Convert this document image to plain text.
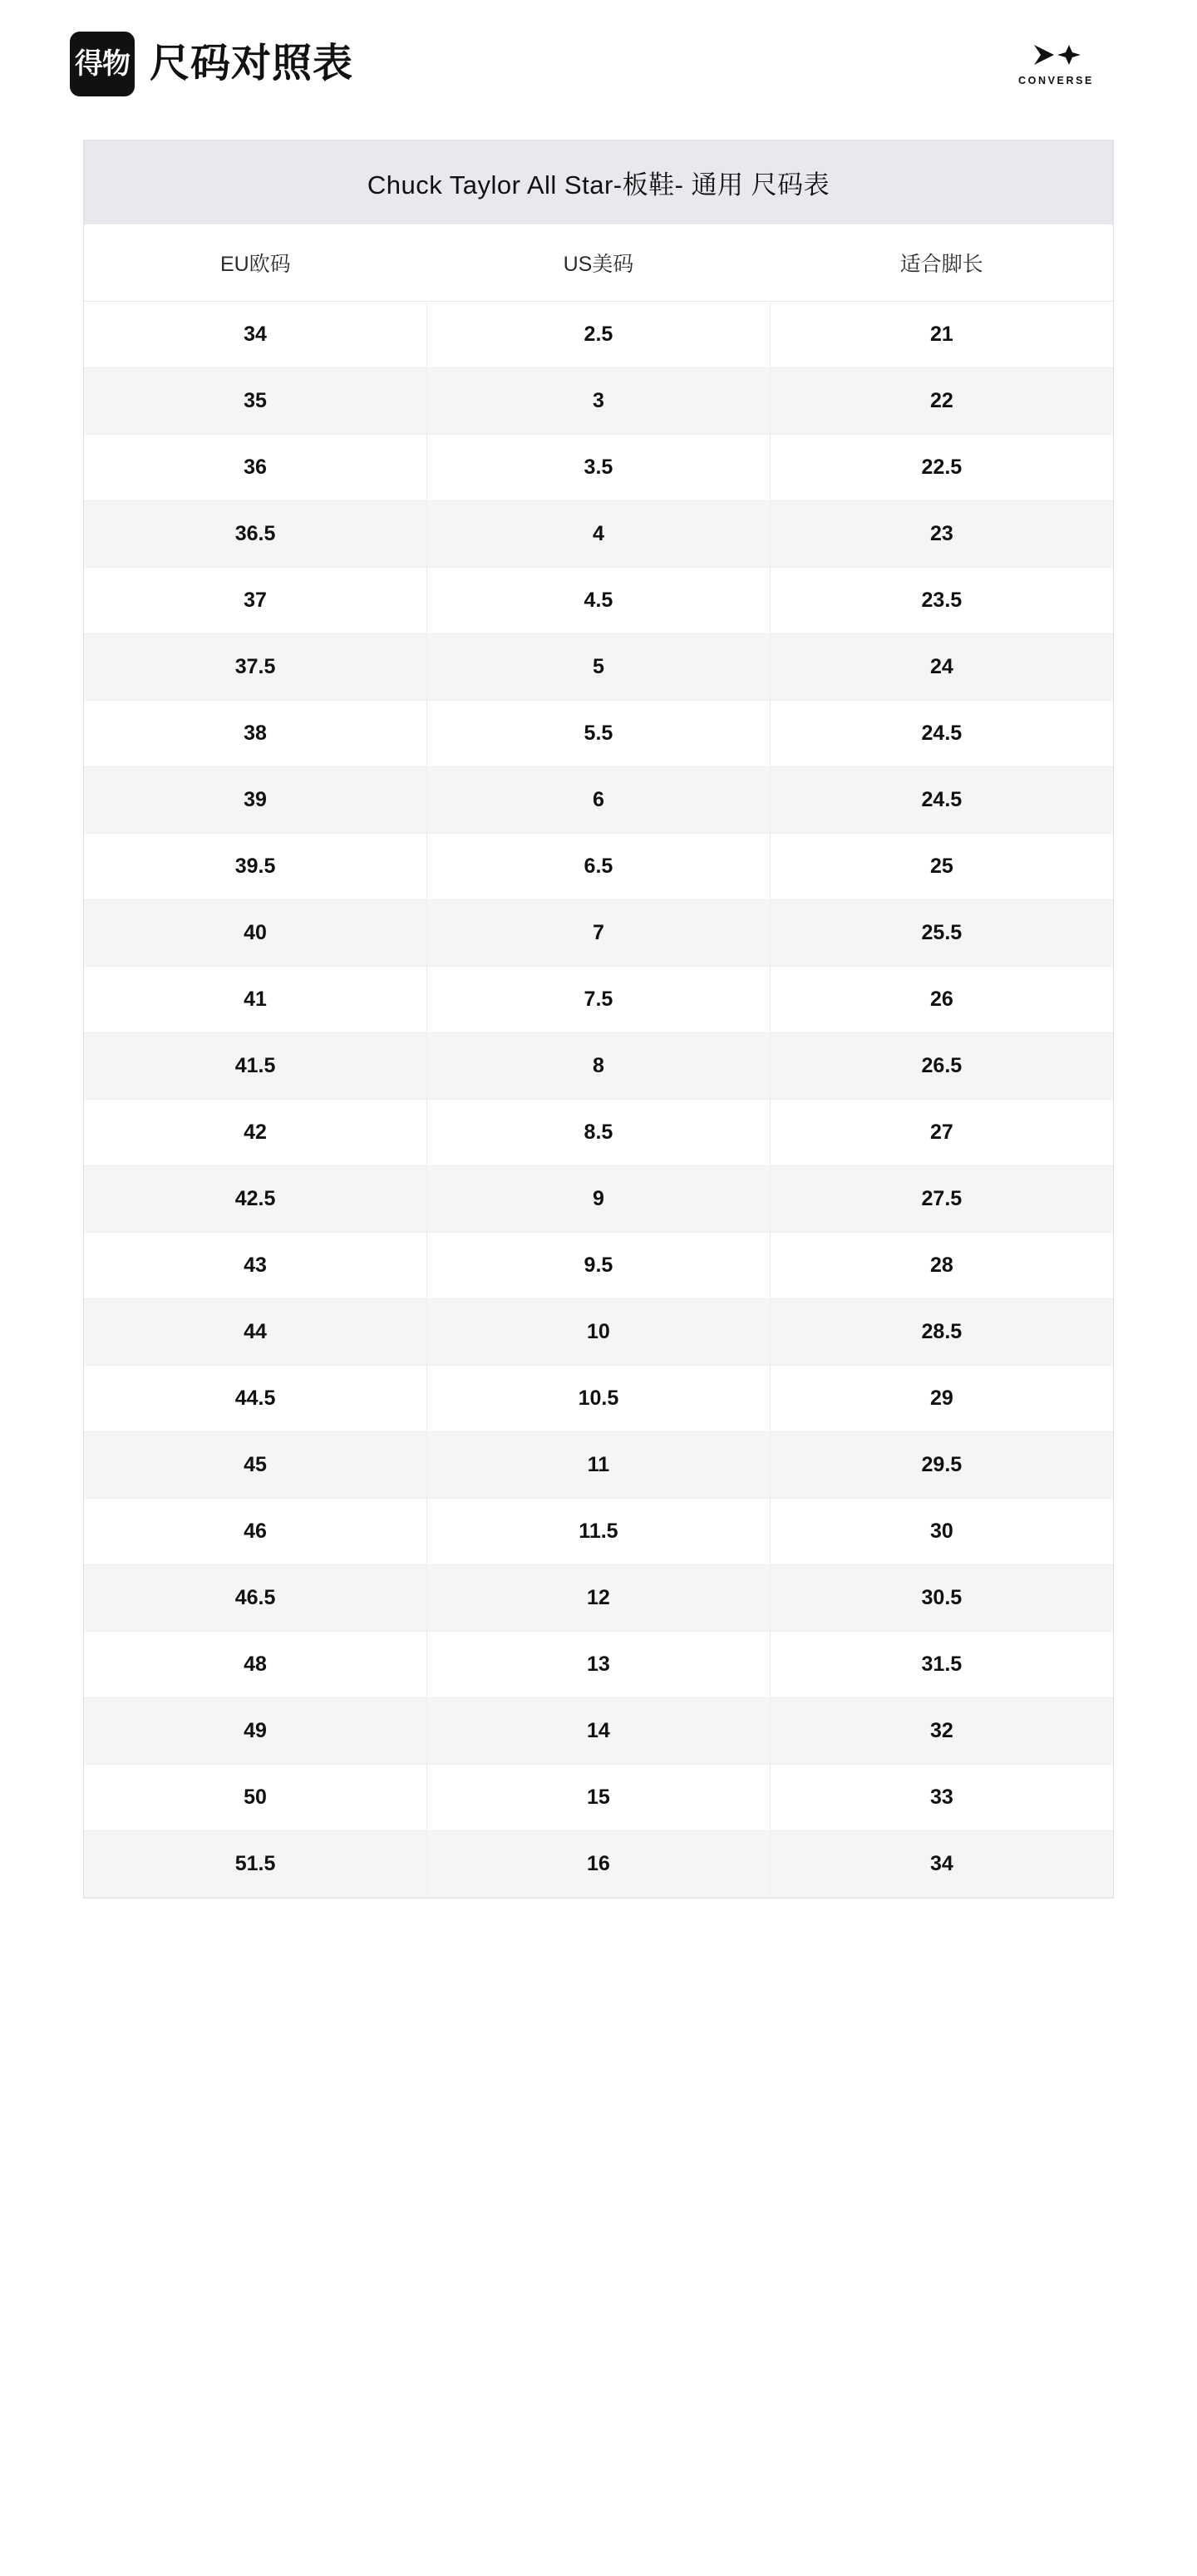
得物 尺码对照表	CONVERSE
Chuck Taylor All Star-板鞋- 通用 尺码表
EU欧码	US美码	适合脚长
34	2.5	21
35	3	22
36	3.5	22.5
36.5	4	23
37	4.5	23.5
37.5	5	24
38	5.5	24.5
39	6	24.5
39.5	6.5	25
40	7	25.5
41	7.5	26
41.5	8	26.5
42	8.5	27
42.5	9	27.5
43	9.5	28
44	10	28.5
44.5	10.5	29
45	11	29.5
46	11.5	30
46.5	12	30.5
48	13	31.5
49	14	32
50	15	33
51.5	16	34
